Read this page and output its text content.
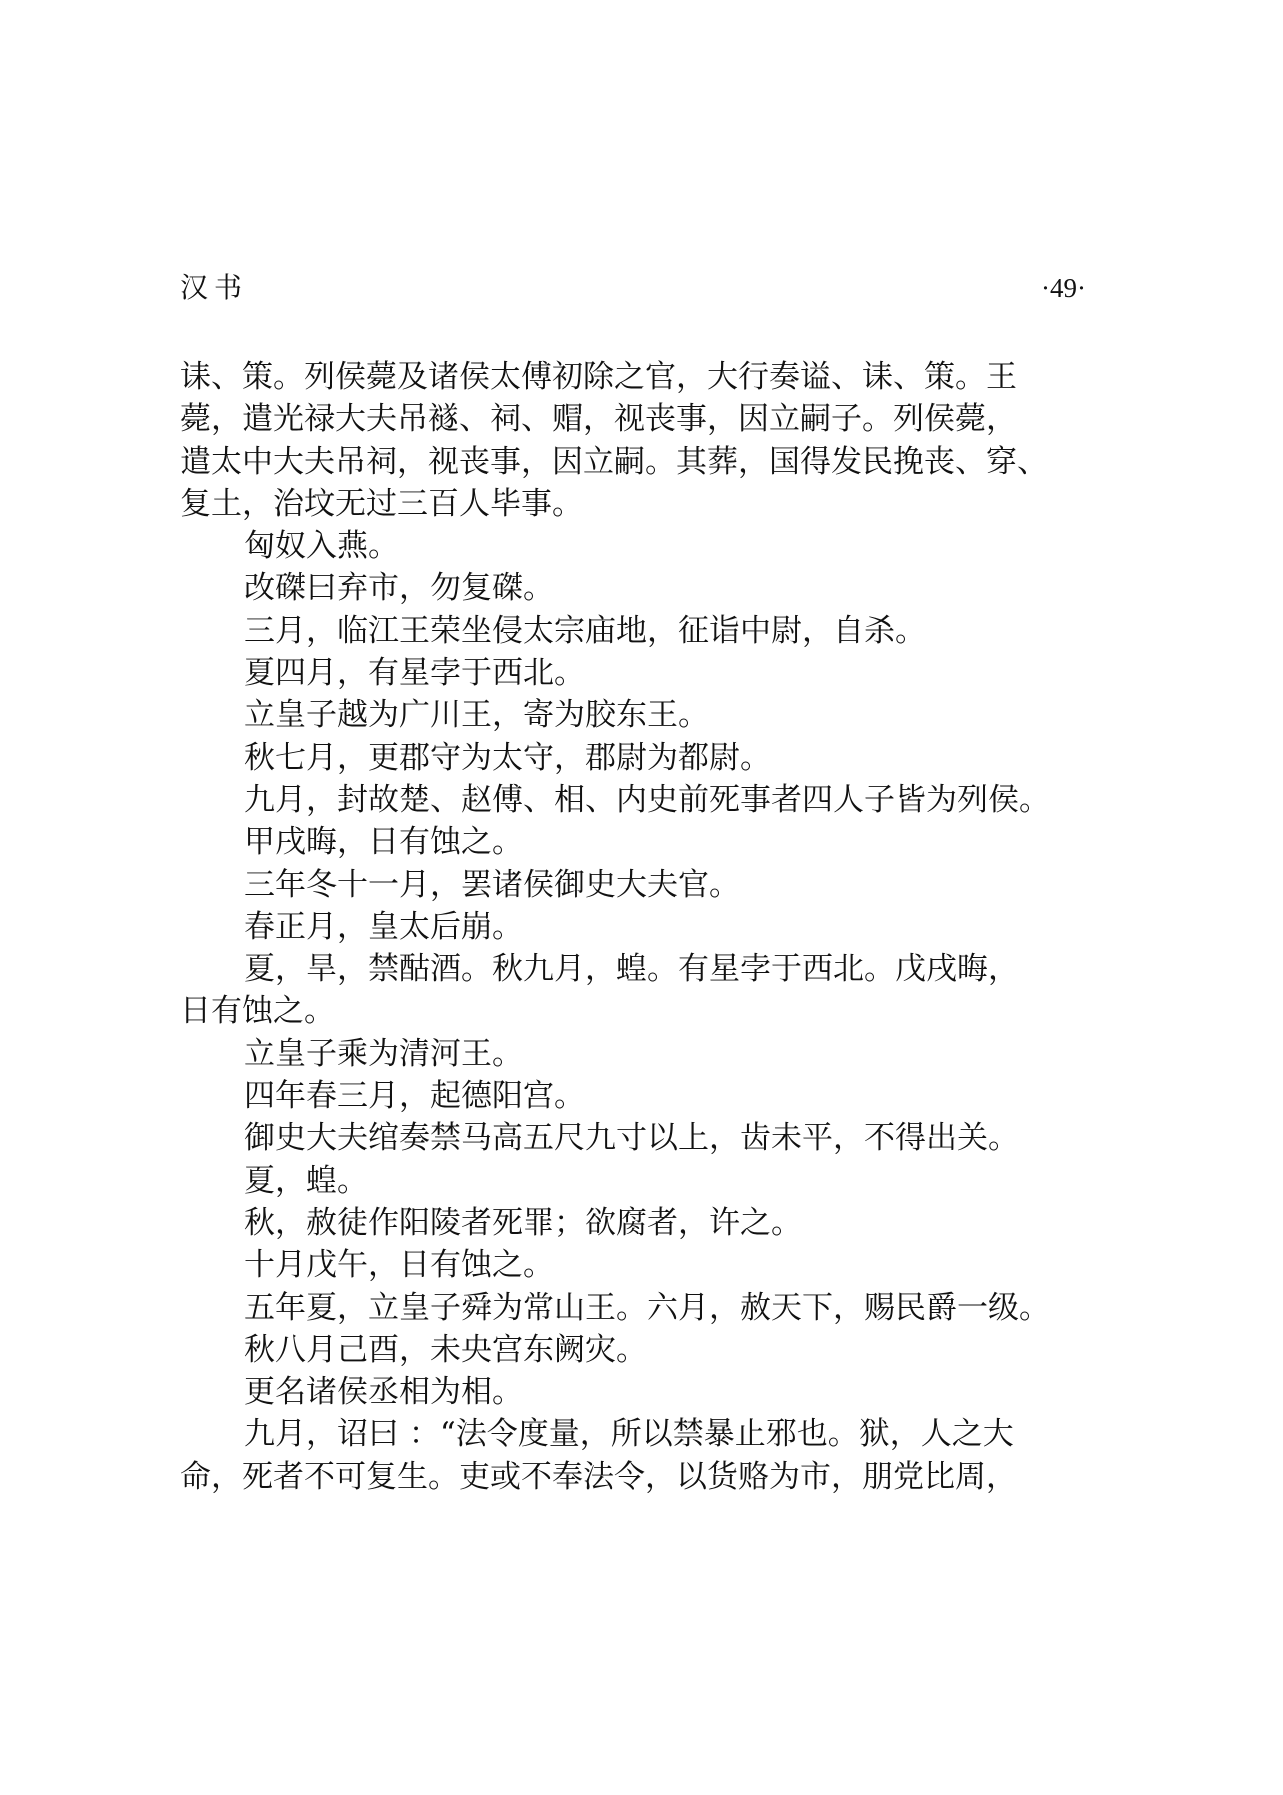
汉书	·49·
诔、策。列侯薨及诸侯太傅初除之官，大行奏谥、诔、策。王
薨，遣光禄大夫吊襚、祠、赗，视丧事，因立嗣子。列侯薨，
遣太中大夫吊祠，视丧事，因立嗣。其葬，国得发民挽丧、穿、
复土，治坟无过三百人毕事。
匈奴入燕。
改磔曰弃市，勿复磔。
三月，临江王荣坐侵太宗庙地，征诣中尉，自杀。
夏四月，有星孛于西北。
立皇子越为广川王，寄为胶东王。
秋七月，更郡守为太守，郡尉为都尉。
九月，封故楚、赵傅、相、内史前死事者四人子皆为列侯。
甲戌晦，日有蚀之。
三年冬十一月，罢诸侯御史大夫官。
春正月，皇太后崩。
夏，旱，禁酤酒。秋九月，蝗。有星孛于西北。戊戌晦，
日有蚀之。
立皇子乘为清河王。
四年春三月，起德阳宫。
御史大夫绾奏禁马高五尺九寸以上，齿未平，不得出关。
夏，蝗。
秋，赦徒作阳陵者死罪；欲腐者，许之。
十月戊午，日有蚀之。
五年夏，立皇子舜为常山王。六月，赦天下，赐民爵一级。
秋八月己酉，未央宫东阙灾。
更名诸侯丞相为相。
九月，诏曰 ：“法令度量，所以禁暴止邪也。狱，人之大
命，死者不可复生。吏或不奉法令，以货赂为市，朋党比周，
